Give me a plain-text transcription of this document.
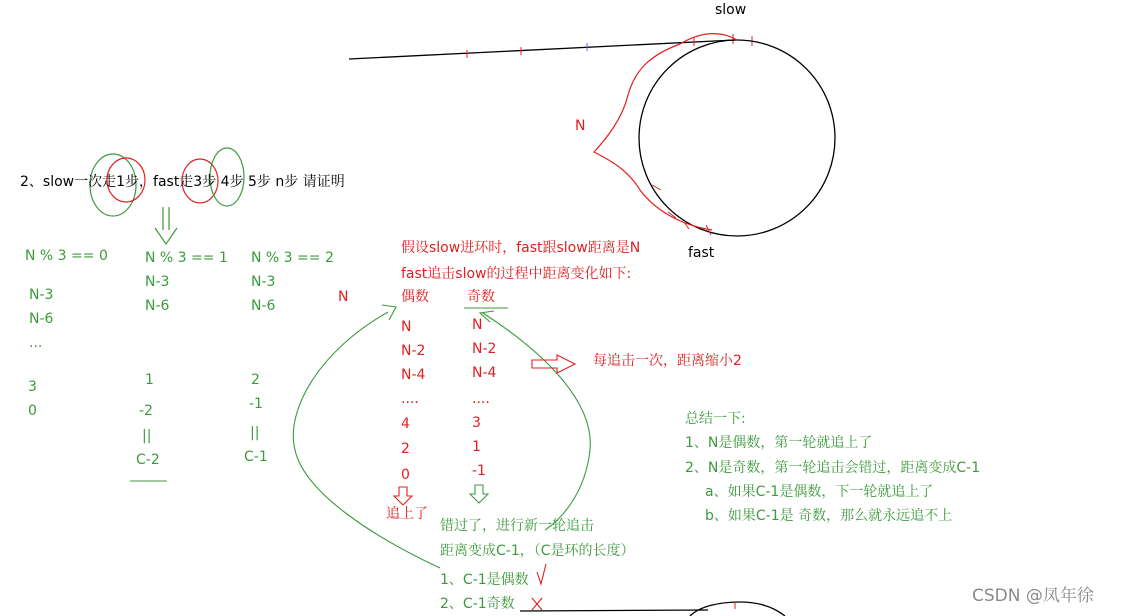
slow
fast
N
2、slow一次走1步，fast走3步 4步 5步 n步 请证明
N % 3 == 0
N-3
N-6
...
3
0
N % 3 == 1
N-3
N-6
1
-2
||
C-2
N % 3 == 2
N-3
N-6
2
-1
||
C-1
假设slow进环时，fast跟slow距离是N
fast追击slow的过程中距离变化如下:
N	偶数	奇数
N
N-2
N-4
....
4
2
0
N
N-2
N-4
....
3
1
-1
追上了
每追击一次，距离缩小2
错过了，进行新一轮追击
距离变成C-1，（C是环的长度）
1、C-1是偶数
2、C-1奇数
总结一下:
1、N是偶数，第一轮就追上了
2、N是奇数，第一轮追击会错过，距离变成C-1
a、如果C-1是偶数，下一轮就追上了
b、如果C-1是 奇数，那么就永远追不上
CSDN @凤年徐
